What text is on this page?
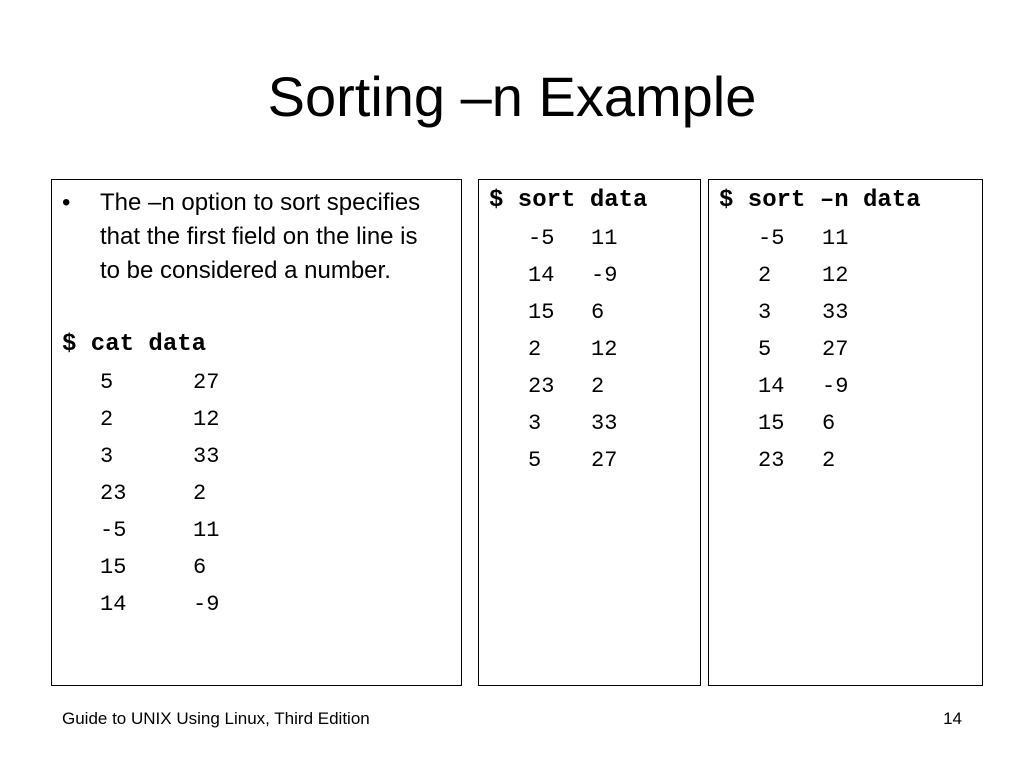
Sorting –n Example
• The –n option to sort specifies that the first field on the line is to be considered a number.
$ cat data
5	27
2	12
3	33
23	2
-5	11
15	6
14	-9
$ sort data
-5 11
14 -9
15 6
2 12
23 2
3 33
5 27
$ sort –n data
-5 11
2 12
3 33
5 27
14 -9
15 6
23 2
Guide to UNIX Using Linux, Third Edition	14
